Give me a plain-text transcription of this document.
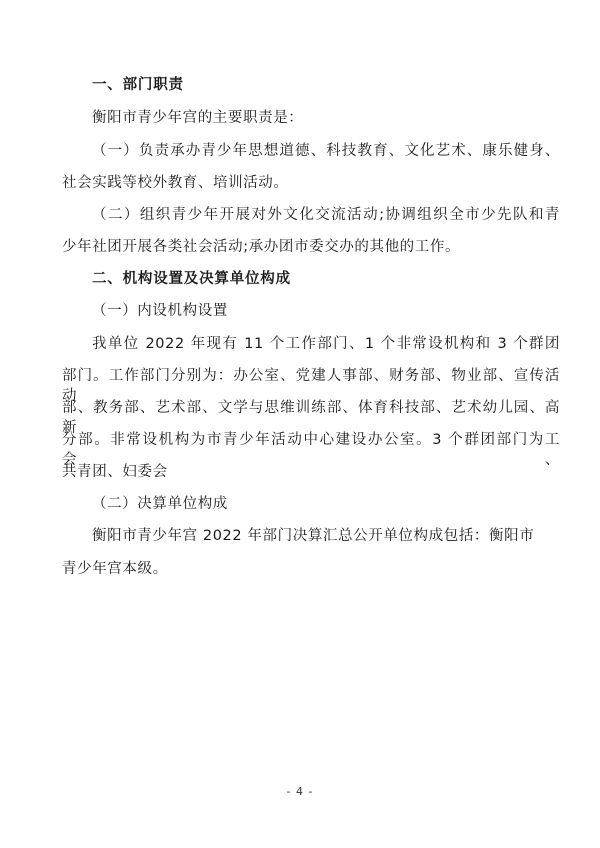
一、部门职责
衡阳市青少年宫的主要职责是：
（一）负责承办青少年思想道德、科技教育、文化艺术、康乐健身、
社会实践等校外教育、培训活动。
（二）组织青少年开展对外文化交流活动;协调组织全市少先队和青
少年社团开展各类社会活动;承办团市委交办的其他的工作。
二、机构设置及决算单位构成
（一）内设机构设置
我单位 2022 年现有 11 个工作部门、1 个非常设机构和 3 个群团
部门。工作部门分别为：办公室、党建人事部、财务部、物业部、宣传活动
部、教务部、艺术部、文学与思维训练部、体育科技部、艺术幼儿园、高新
分部。非常设机构为市青少年活动中心建设办公室。3 个群团部门为工会、
共青团、妇委会
（二）决算单位构成
衡阳市青少年宫 2022 年部门决算汇总公开单位构成包括：衡阳市
青少年宫本级。
- 4 -
